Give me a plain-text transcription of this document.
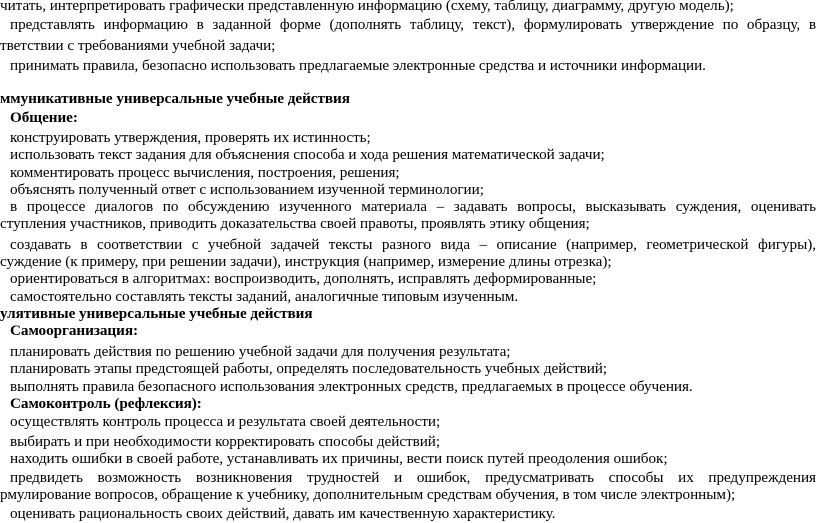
читать, интерпретировать графически представленную информацию (схему, таблицу, диаграмму, другую модель);
представлять информацию в заданной форме (дополнять таблицу, текст), формулировать утверждение по образцу, в
тветствии с требованиями учебной задачи;
принимать правила, безопасно использовать предлагаемые электронные средства и источники информации.
ммуникативные универсальные учебные действия
Общение:
конструировать утверждения, проверять их истинность;
использовать текст задания для объяснения способа и хода решения математической задачи;
комментировать процесс вычисления, построения, решения;
объяснять полученный ответ с использованием изученной терминологии;
в процессе диалогов по обсуждению изученного материала – задавать вопросы, высказывать суждения, оценивать
ступления участников, приводить доказательства своей правоты, проявлять этику общения;
создавать в соответствии с учебной задачей тексты разного вида – описание (например, геометрической фигуры),
суждение (к примеру, при решении задачи), инструкция (например, измерение длины отрезка);
ориентироваться в алгоритмах: воспроизводить, дополнять, исправлять деформированные;
самостоятельно составлять тексты заданий, аналогичные типовым изученным.
улятивные универсальные учебные действия
Самоорганизация:
планировать действия по решению учебной задачи для получения результата;
планировать этапы предстоящей работы, определять последовательность учебных действий;
выполнять правила безопасного использования электронных средств, предлагаемых в процессе обучения.
Самоконтроль (рефлексия):
осуществлять контроль процесса и результата своей деятельности;
выбирать и при необходимости корректировать способы действий;
находить ошибки в своей работе, устанавливать их причины, вести поиск путей преодоления ошибок;
предвидеть возможность возникновения трудностей и ошибок, предусматривать способы их предупреждения
рмулирование вопросов, обращение к учебнику, дополнительным средствам обучения, в том числе электронным);
оценивать рациональность своих действий, давать им качественную характеристику.
